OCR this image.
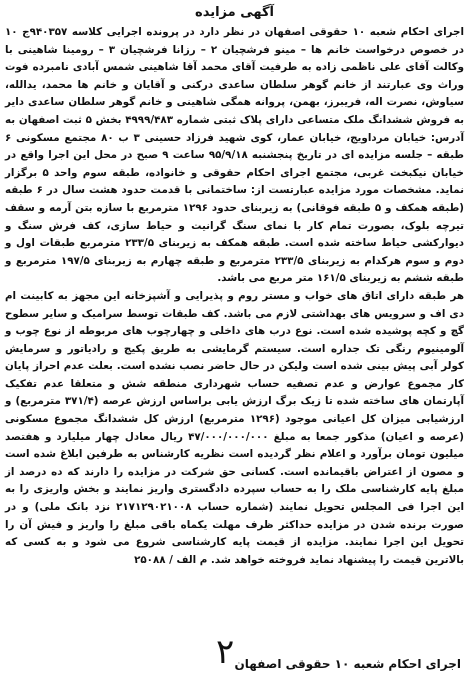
آگهی مزایده

اجرای احکام شعبه ۱۰ حقوقی اصفهان در نظر دارد در پرونده اجرایی کلاسه ۹۴۰۳۵۷ج ۱۰ در خصوص درخواست خانم ها – مینو فرشچیان ۲ – رزانا فرشچیان ۳ – رومینا شاهینی با وکالت آقای علی ناظمی زاده به طرفیت آقای محمد آقا شاهینی شمس آبادی نامبرده فوت وراث وی عبارتند از خانم گوهر سلطان ساعدی درکنی و آقایان و خانم ها محمد، یدالله، سیاوش، نصرت اله، فریبرز، بهمن، پروانه همگی شاهینی و خانم گوهر سلطان ساعدی دایر به فروش ششدانگ ملک متساعی دارای پلاک ثبتی شماره ۴۹۹۹/۴۸۳ بخش ۵ ثبت اصفهان به آدرس: خیابان مرداویج، خیابان عمار، کوی شهید فرزاد حسینی ۳ ب ۸۰ مجتمع مسکونی ۶ طبقه – جلسه مزایده ای در تاریخ پنجشنبه ۹۵/۹/۱۸ ساعت ۹ صبح در محل این اجرا واقع در خیابان نیکبخت غربی، مجتمع اجرای احکام حقوقی و خانواده، طبقه سوم واحد ۵ برگزار نماید. مشخصات مورد مزایده عبارتست از: ساختمانی با قدمت حدود هشت سال در ۶ طبقه (طبقه همکف و ۵ طبقه فوقانی) به زیربنای حدود ۱۲۹۶ مترمربع با سازه بتن آرمه و سقف تیرچه بلوک، بصورت تمام کار با نمای سنگ گرانیت و حیاط سازی، کف فرش سنگ و دیوارکشی حیاط ساخته شده است. طبقه همکف به زیربنای ۲۳۳/۵ مترمربع طبقات اول و دوم و سوم هرکدام به زیربنای ۲۳۳/۵ مترمربع و طبقه چهارم به زیربنای ۱۹۷/۵ مترمربع و طبقه ششم به زیربنای ۱۶۱/۵ متر مربع می باشد.

هر طبقه دارای اتاق های خواب و مستر روم و پذیرایی و آشپزخانه این مجهز به کابینت ام دی اف و سرویس های بهداشتی لازم می باشد. کف طبقات توسط سرامیک و سایر سطوح گچ و کچه پوشیده شده است. نوع درب های داخلی و چهارچوب های مربوطه از نوع چوب و آلومینیوم رنگی تک جداره است. سیستم گرمایشی به طریق پکیج و رادیاتور و سرمایش کولر آبی پیش بینی شده است ولیکن در حال حاضر نصب نشده است. بعلت عدم احراز پایان کار مجموع عوارض و عدم تصفیه حساب شهرداری منطقه شش و متعلقا عدم تفکیک آپارتمان های ساخته شده تا زیک برگ ارزش یابی براساس ارزش عرصه (۳۷۱/۴ مترمربع) و ارزشیابی میزان کل اعیانی موجود (۱۲۹۶ مترمربع) ارزش کل ششدانگ مجموع مسکونی (عرصه و اعیان) مذکور جمعا به مبلغ ۴۷/۰۰۰/۰۰۰/۰۰۰ ریال معادل چهار میلیارد و هفتصد میلیون تومان برآورد و اعلام نظر گردیده است نظریه کارشناس به طرفین ابلاغ شده است و مصون از اعتراض باقیمانده است. کسانی حق شرکت در مزایده را دارند که ده درصد از مبلغ پایه کارشناسی ملک را به حساب سپرده دادگستری واریز نمایند و بخش واریزی را به این اجرا فی المجلس تحویل نمایند (شماره حساب ۲۱۷۱۲۹۰۲۱۰۰۸ نزد بانک ملی) و در صورت برنده شدن در مزایده حداکثر ظرف مهلت یکماه باقی مبلغ را واریز و فیش آن را تحویل این اجرا نمایند. مزایده از قیمت پایه کارشناسی شروع می شود و به کسی که بالاترین قیمت را پیشنهاد نماید فروخته خواهد شد. م الف / ۲۵۰۸۸

۲ اجرای احکام شعبه ۱۰ حقوقی اصفهان
